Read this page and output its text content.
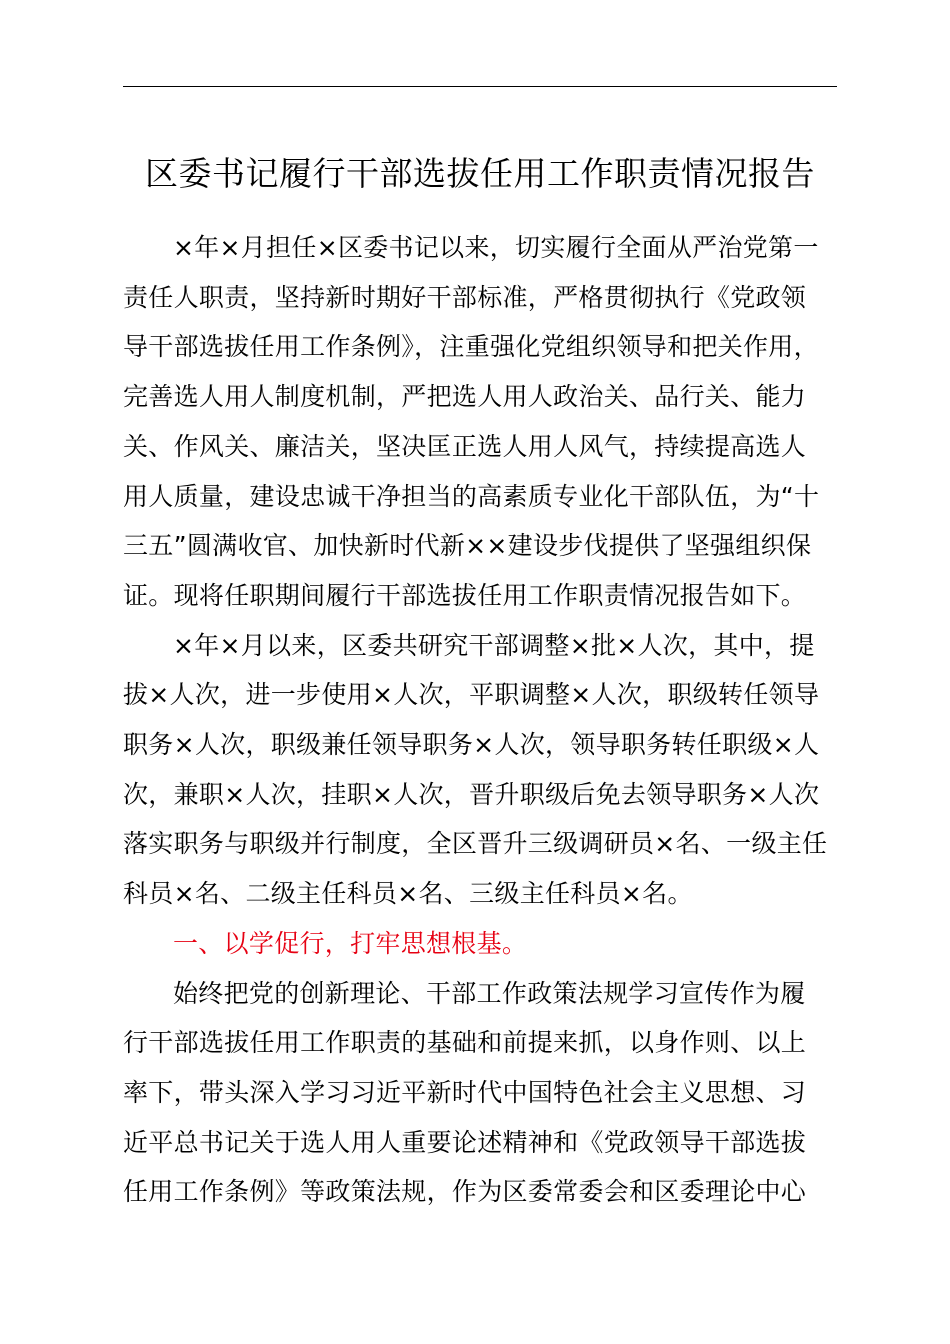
区委书记履行干部选拔任用工作职责情况报告

×年×月担任×区委书记以来，切实履行全面从严治党第一
责任人职责，坚持新时期好干部标准，严格贯彻执行《党政领
导干部选拔任用工作条例》，注重强化党组织领导和把关作用，
完善选人用人制度机制，严把选人用人政治关、品行关、能力
关、作风关、廉洁关，坚决匡正选人用人风气，持续提高选人
用人质量，建设忠诚干净担当的高素质专业化干部队伍，为“十
三五”圆满收官、加快新时代新××建设步伐提供了坚强组织保
证。现将任职期间履行干部选拔任用工作职责情况报告如下。

×年×月以来，区委共研究干部调整×批×人次，其中，提
拔×人次，进一步使用×人次，平职调整×人次，职级转任领导
职务×人次，职级兼任领导职务×人次，领导职务转任职级×人
次，兼职×人次，挂职×人次，晋升职级后免去领导职务×人次
落实职务与职级并行制度，全区晋升三级调研员×名、一级主任
科员×名、二级主任科员×名、三级主任科员×名。

一、以学促行，打牢思想根基。

始终把党的创新理论、干部工作政策法规学习宣传作为履
行干部选拔任用工作职责的基础和前提来抓，以身作则、以上
率下，带头深入学习习近平新时代中国特色社会主义思想、习
近平总书记关于选人用人重要论述精神和《党政领导干部选拔
任用工作条例》等政策法规，作为区委常委会和区委理论中心
